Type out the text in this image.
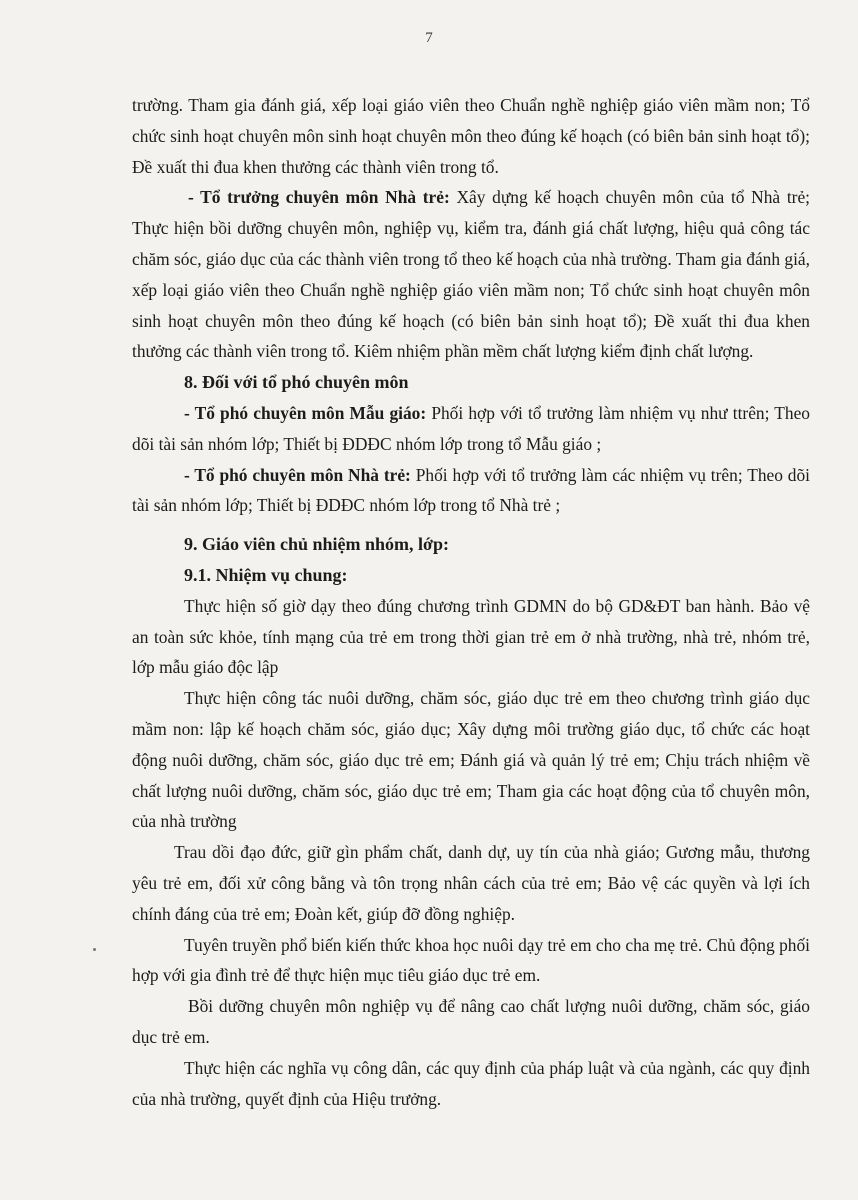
7

trường. Tham gia đánh giá, xếp loại giáo viên theo Chuẩn nghề nghiệp giáo viên mầm non; Tổ chức sinh hoạt chuyên môn sinh hoạt chuyên môn theo đúng kế hoạch (có biên bản sinh hoạt tổ); Đề xuất thi đua khen thưởng các thành viên trong tổ.

- Tổ trưởng chuyên môn Nhà trẻ: Xây dựng kế hoạch chuyên môn của tổ Nhà trẻ; Thực hiện bồi dưỡng chuyên môn, nghiệp vụ, kiểm tra, đánh giá chất lượng, hiệu quả công tác chăm sóc, giáo dục của các thành viên trong tổ theo kế hoạch của nhà trường. Tham gia đánh giá, xếp loại giáo viên theo Chuẩn nghề nghiệp giáo viên mầm non; Tổ chức sinh hoạt chuyên môn sinh hoạt chuyên môn theo đúng kế hoạch (có biên bản sinh hoạt tổ); Đề xuất thi đua khen thưởng các thành viên trong tổ. Kiêm nhiệm phần mềm chất lượng kiểm định chất lượng.

8. Đối với tổ phó chuyên môn

- Tổ phó chuyên môn Mẫu giáo: Phối hợp với tổ trưởng làm nhiệm vụ như ttrên; Theo dõi tài sản nhóm lớp; Thiết bị ĐDĐC nhóm lớp trong tổ Mẫu giáo ;

- Tổ phó chuyên môn Nhà trẻ: Phối hợp với tổ trưởng làm các nhiệm vụ trên; Theo dõi tài sản nhóm lớp; Thiết bị ĐDĐC nhóm lớp trong tổ Nhà trẻ ;

9. Giáo viên chủ nhiệm nhóm, lớp:

9.1. Nhiệm vụ chung:

Thực hiện số giờ dạy theo đúng chương trình GDMN do bộ GD&ĐT ban hành. Bảo vệ an toàn sức khỏe, tính mạng của trẻ em trong thời gian trẻ em ở nhà trường, nhà trẻ, nhóm trẻ, lớp mẫu giáo độc lập

Thực hiện công tác nuôi dưỡng, chăm sóc, giáo dục trẻ em theo chương trình giáo dục mầm non: lập kế hoạch chăm sóc, giáo dục; Xây dựng môi trường giáo dục, tổ chức các hoạt động nuôi dưỡng, chăm sóc, giáo dục trẻ em; Đánh giá và quản lý trẻ em; Chịu trách nhiệm về chất lượng nuôi dưỡng, chăm sóc, giáo dục trẻ em; Tham gia các hoạt động của tổ chuyên môn, của nhà trường

Trau dồi đạo đức, giữ gìn phẩm chất, danh dự, uy tín của nhà giáo; Gương mẫu, thương yêu trẻ em, đối xử công bằng và tôn trọng nhân cách của trẻ em; Bảo vệ các quyền và lợi ích chính đáng của trẻ em; Đoàn kết, giúp đỡ đồng nghiệp.

Tuyên truyền phổ biến kiến thức khoa học nuôi dạy trẻ em cho cha mẹ trẻ. Chủ động phối hợp với gia đình trẻ để thực hiện mục tiêu giáo dục trẻ em.

Bồi dưỡng chuyên môn nghiệp vụ để nâng cao chất lượng nuôi dưỡng, chăm sóc, giáo dục trẻ em.

Thực hiện các nghĩa vụ công dân, các quy định của pháp luật và của ngành, các quy định của nhà trường, quyết định của Hiệu trưởng.
